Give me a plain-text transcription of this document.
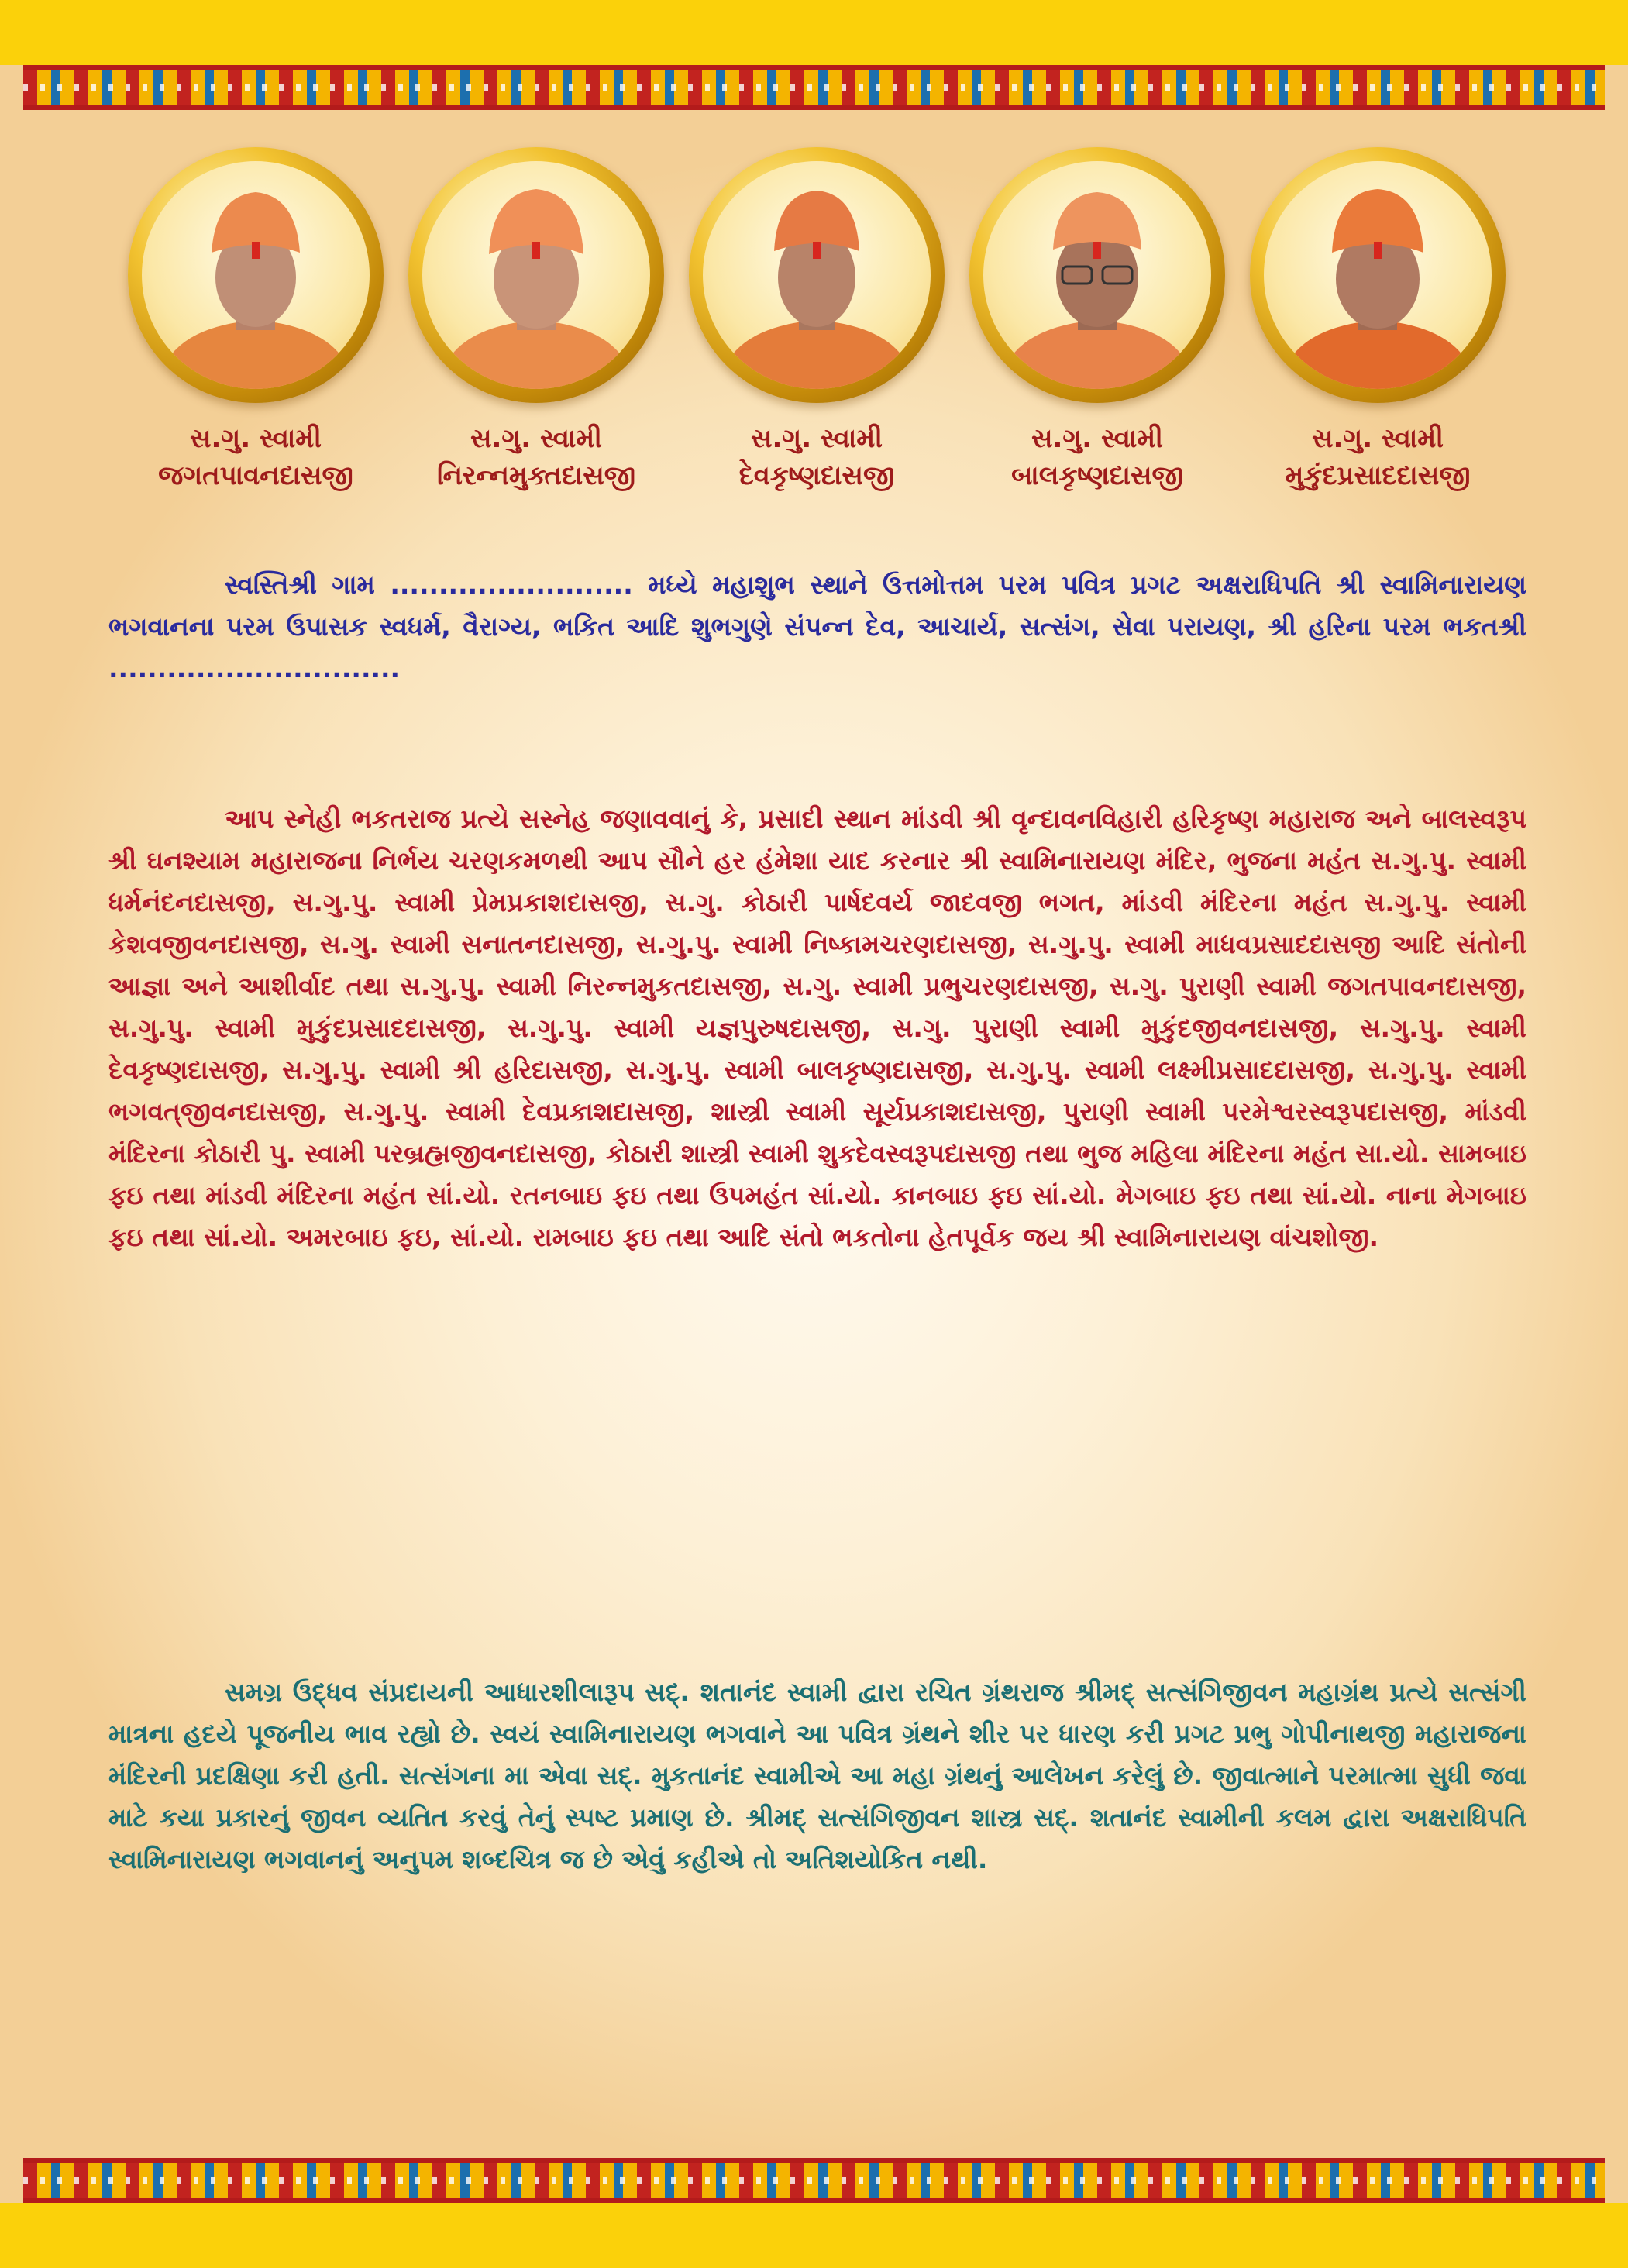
સ.ગુ. સ્વામી
જગતપાવનદાસજી
સ.ગુ. સ્વામી
નિરન્નમુક્તદાસજી
સ.ગુ. સ્વામી
દેવકૃષ્ણદાસજી
સ.ગુ. સ્વામી
બાલકૃષ્ણદાસજી
સ.ગુ. સ્વામી
મુકુંદપ્રસાદદાસજી

સ્વસ્તિશ્રી ગામ ......................... મધ્યે મહાશુભ સ્થાને ઉત્તમોત્તમ પરમ પવિત્ર પ્રગટ અક્ષરાધિપતિ શ્રી સ્વામિનારાયણ ભગવાનના પરમ ઉપાસક સ્વધર્મ, વૈરાગ્ય, ભકિત આદિ શુભગુણે સંપન્ન દેવ, આચાર્ય, સત્સંગ, સેવા પરાયણ, શ્રી હરિના પરમ ભકતશ્રી ..............................

આપ સ્નેહી ભકતરાજ પ્રત્યે સસ્નેહ જણાવવાનું કે, પ્રસાદી સ્થાન માંડવી શ્રી વૃન્દાવનવિહારી હરિકૃષ્ણ મહારાજ અને બાલસ્વરૂપ શ્રી ઘનશ્યામ મહારાજના નિર્ભય ચરણકમળથી આપ સૌને હર હંમેશા યાદ કરનાર શ્રી સ્વામિનારાયણ મંદિર, ભુજના મહંત સ.ગુ.પુ. સ્વામી ધર્મનંદનદાસજી, સ.ગુ.પુ. સ્વામી પ્રેમપ્રકાશદાસજી, સ.ગુ. કોઠારી પાર્ષદવર્ય જાદવજી ભગત, માંડવી મંદિરના મહંત સ.ગુ.પુ. સ્વામી કેશવજીવનદાસજી, સ.ગુ. સ્વામી સનાતનદાસજી, સ.ગુ.પુ. સ્વામી નિષ્કામચરણદાસજી, સ.ગુ.પુ. સ્વામી માધવપ્રસાદદાસજી આદિ સંતોની આજ્ઞા અને આશીર્વાદ તથા સ.ગુ.પુ. સ્વામી નિરન્નમુકતદાસજી, સ.ગુ. સ્વામી પ્રભુચરણદાસજી, સ.ગુ. પુરાણી સ્વામી જગતપાવનદાસજી, સ.ગુ.પુ. સ્વામી મુકુંદપ્રસાદદાસજી, સ.ગુ.પુ. સ્વામી યજ્ઞપુરુષદાસજી, સ.ગુ. પુરાણી સ્વામી મુકુંદજીવનદાસજી, સ.ગુ.પુ. સ્વામી દેવકૃષ્ણદાસજી, સ.ગુ.પુ. સ્વામી શ્રી હરિદાસજી, સ.ગુ.પુ. સ્વામી બાલકૃષ્ણદાસજી, સ.ગુ.પુ. સ્વામી લક્ષ્મીપ્રસાદદાસજી, સ.ગુ.પુ. સ્વામી ભગવત્‌જીવનદાસજી, સ.ગુ.પુ. સ્વામી દેવપ્રકાશદાસજી, શાસ્ત્રી સ્વામી સૂર્યપ્રકાશદાસજી, પુરાણી સ્વામી પરમેશ્વરસ્વરૂપદાસજી, માંડવી મંદિરના કોઠારી પુ. સ્વામી પરબ્રહ્મજીવનદાસજી, કોઠારી શાસ્ત્રી સ્વામી શુકદેવસ્વરૂપદાસજી તથા ભુજ મહિલા મંદિરના મહંત સા.યો. સામબાઇ ફઇ તથા માંડવી મંદિરના મહંત સાં.યો. રતનબાઇ ફઇ તથા ઉપમહંત સાં.યો. કાનબાઇ ફઇ સાં.યો. મેગબાઇ ફઇ તથા સાં.યો. નાના મેગબાઇ ફઇ તથા સાં.યો. અમરબાઇ ફઇ, સાં.યો. રામબાઇ ફઇ તથા આદિ સંતો ભકતોના હેતપૂર્વક જય શ્રી સ્વામિનારાયણ વાંચશોજી.

સમગ્ર ઉદ્ધવ સંપ્રદાયની આધારશીલારૂપ સદ્‌. શતાનંદ સ્વામી દ્વારા રચિત ગ્રંથરાજ શ્રીમદ્‌ સત્સંગિજીવન મહાગ્રંથ પ્રત્યે સત્સંગી માત્રના હદયે પૂજનીય ભાવ રહ્યો છે. સ્વયં સ્વામિનારાયણ ભગવાને આ પવિત્ર ગ્રંથને શીર પર ધારણ કરી પ્રગટ પ્રભુ ગોપીનાથજી મહારાજના મંદિરની પ્રદક્ષિણા કરી હતી. સત્સંગના મા એવા સદ્‌. મુકતાનંદ સ્વામીએ આ મહા ગ્રંથનું આલેખન કરેલું છે. જીવાત્માને પરમાત્મા સુધી જવા માટે કયા પ્રકારનું જીવન વ્યતિત કરવું તેનું સ્પષ્ટ પ્રમાણ છે. શ્રીમદ્‌ સત્સંગિજીવન શાસ્ત્ર સદ્‌. શતાનંદ સ્વામીની કલમ દ્વારા અક્ષરાધિપતિ સ્વામિનારાયણ ભગવાનનું અનુપમ શબ્દચિત્ર જ છે એવું કહીએ તો અતિશયોકિત નથી.
